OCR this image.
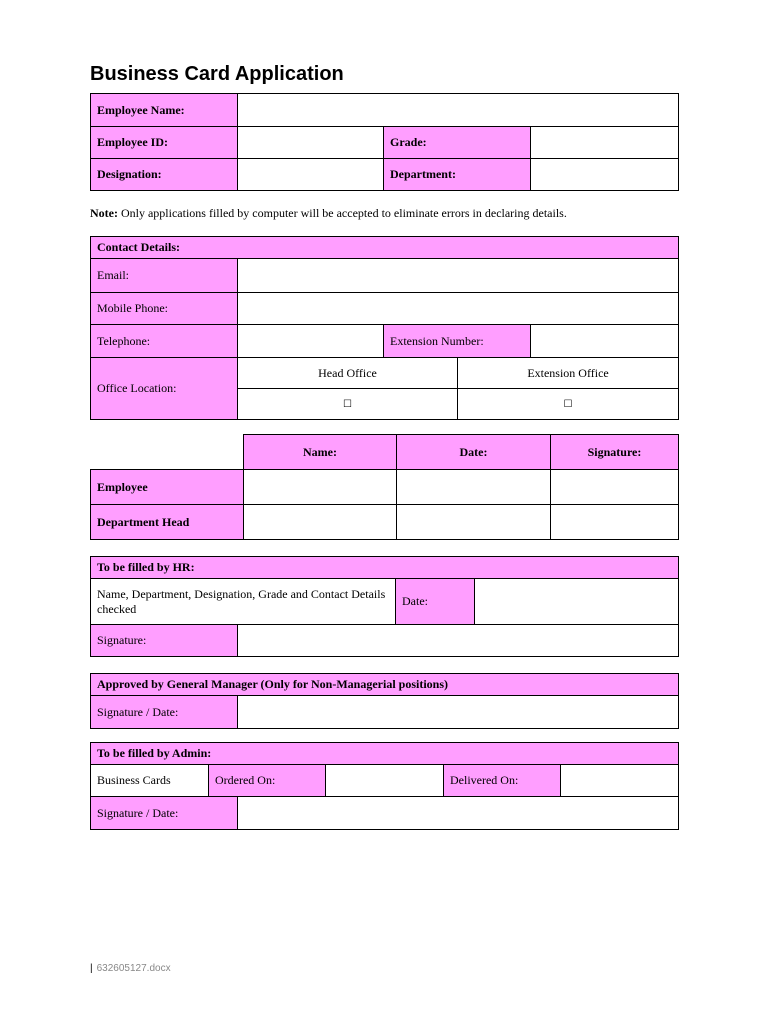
Business Card Application
Employee Name:			
Employee ID:		Grade:	
Designation:		Department:	
Note: Only applications filled by computer will be accepted to eliminate errors in declaring details.
Contact Details:				
Email:				
Mobile Phone:				
Telephone:		Extension Number:		
Office Location:	Head Office		Extension Office	
	☐		☐	
	Name:	Date:	Signature:
Employee			
Department Head			
To be filled by HR:			
Name, Department, Designation, Grade and Contact Details checked		Date:	
Signature:			
Approved by General Manager (Only for Non-Managerial positions)
Signature / Date:	
To be filled by Admin:					
Business Cards	Ordered On:			Delivered On:	
Signature / Date:					
| 632605127.docx
